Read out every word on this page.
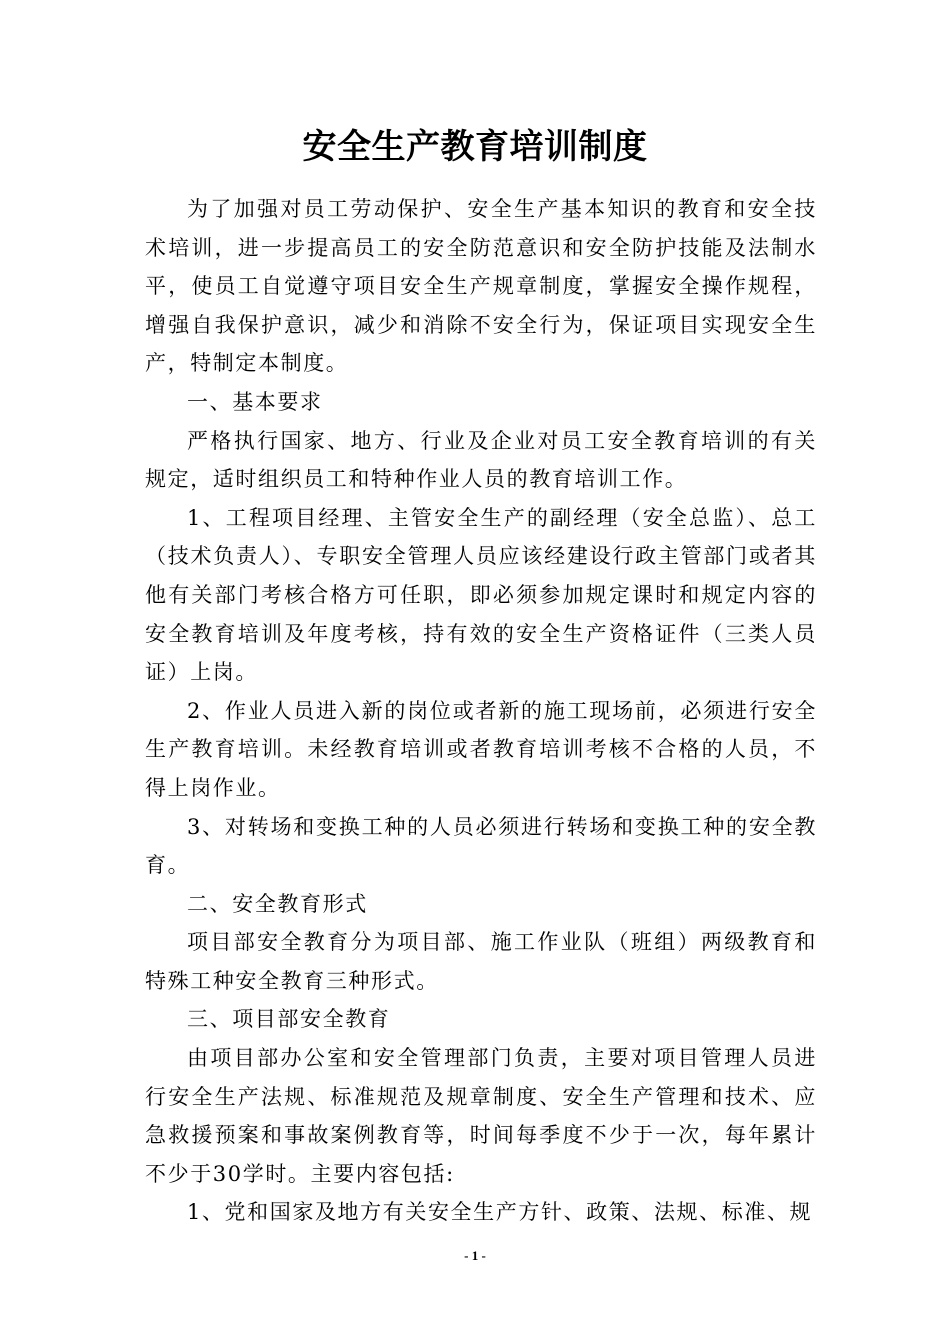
安全生产教育培训制度

为了加强对员工劳动保护、安全生产基本知识的教育和安全技术培训，进一步提高员工的安全防范意识和安全防护技能及法制水平，使员工自觉遵守项目安全生产规章制度，掌握安全操作规程，增强自我保护意识，减少和消除不安全行为，保证项目实现安全生产，特制定本制度。

一、基本要求

严格执行国家、地方、行业及企业对员工安全教育培训的有关规定，适时组织员工和特种作业人员的教育培训工作。

1、工程项目经理、主管安全生产的副经理（安全总监）、总工（技术负责人）、专职安全管理人员应该经建设行政主管部门或者其他有关部门考核合格方可任职，即必须参加规定课时和规定内容的安全教育培训及年度考核，持有效的安全生产资格证件（三类人员证）上岗。

2、作业人员进入新的岗位或者新的施工现场前，必须进行安全生产教育培训。未经教育培训或者教育培训考核不合格的人员，不得上岗作业。

3、对转场和变换工种的人员必须进行转场和变换工种的安全教育。

二、安全教育形式

项目部安全教育分为项目部、施工作业队（班组）两级教育和特殊工种安全教育三种形式。

三、项目部安全教育

由项目部办公室和安全管理部门负责，主要对项目管理人员进行安全生产法规、标准规范及规章制度、安全生产管理和技术、应急救援预案和事故案例教育等，时间每季度不少于一次，每年累计不少于30学时。主要内容包括:

1、党和国家及地方有关安全生产方针、政策、法规、标准、规

- 1 -
